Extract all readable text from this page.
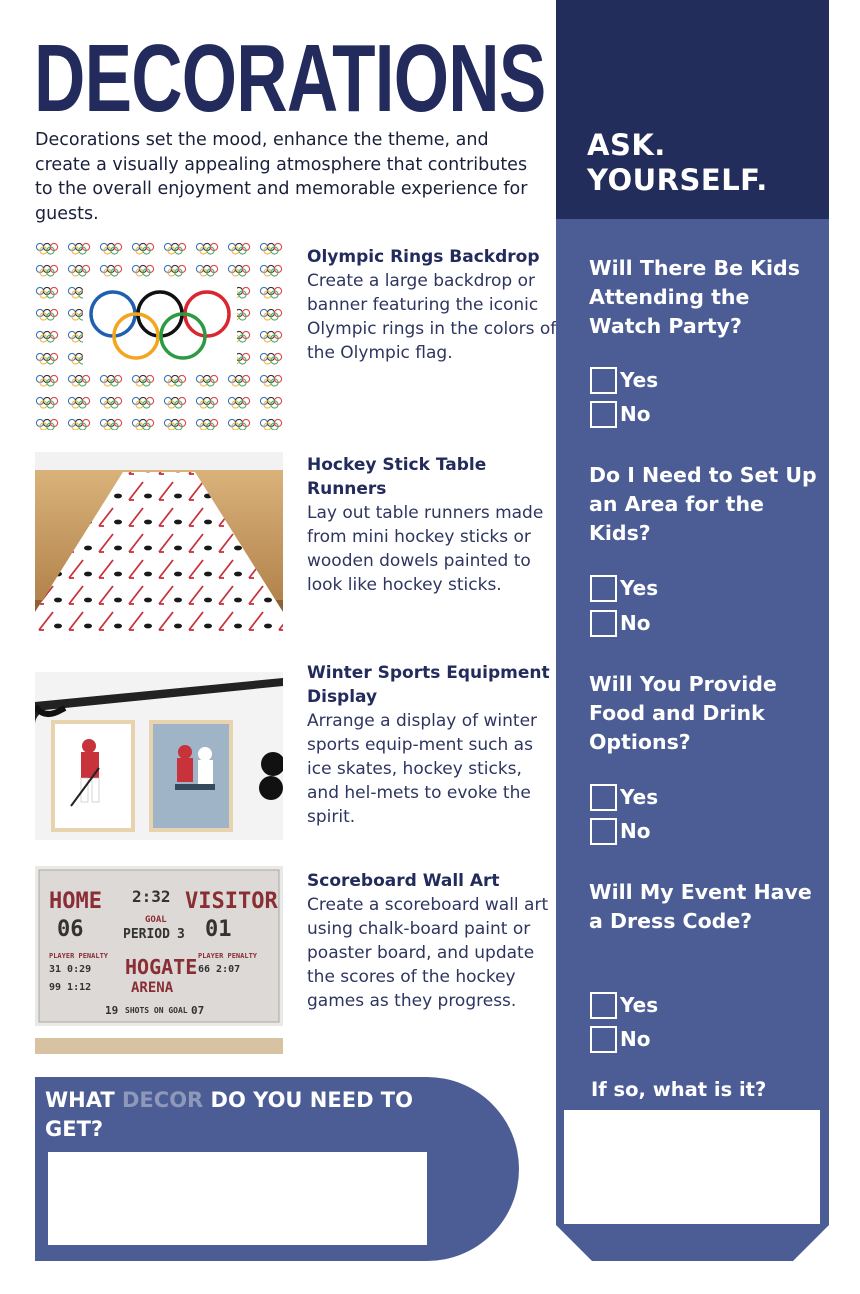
DECORATIONS
Decorations set the mood, enhance the theme, and create a visually appealing atmosphere that contributes to the overall enjoyment and memorable experience for guests.
Olympic Rings Backdrop
Create a large backdrop or banner featuring the iconic Olympic rings in the colors of the Olympic flag.
Hockey Stick Table Runners
Lay out table runners made from mini hockey sticks or wooden dowels painted to look like hockey sticks.
Winter Sports Equipment Display
Arrange a display of winter sports equip-ment such as ice skates, hockey sticks, and hel-mets to evoke the spirit.
HOME 2:32 VISITOR
06	GOAL
PERIOD 3 01
PLAYER PENALTY	PLAYER PENALTY
31 0:29
99 1:12
66 2:07
HOGATE
ARENA
19 SHOTS ON GOAL 07
Scoreboard Wall Art
Create a scoreboard wall art using chalk-board paint or poaster board, and update the scores of the hockey games as they progress.
ASK. YOURSELF.
Will There Be Kids Attending the Watch Party?
Yes
No
Do I Need to Set Up an Area for the Kids?
Yes
No
Will You Provide Food and Drink Options?
Yes
No
Will My Event Have a Dress Code?
Yes
No
If so, what is it?
WHAT DECOR DO YOU NEED TO GET?
